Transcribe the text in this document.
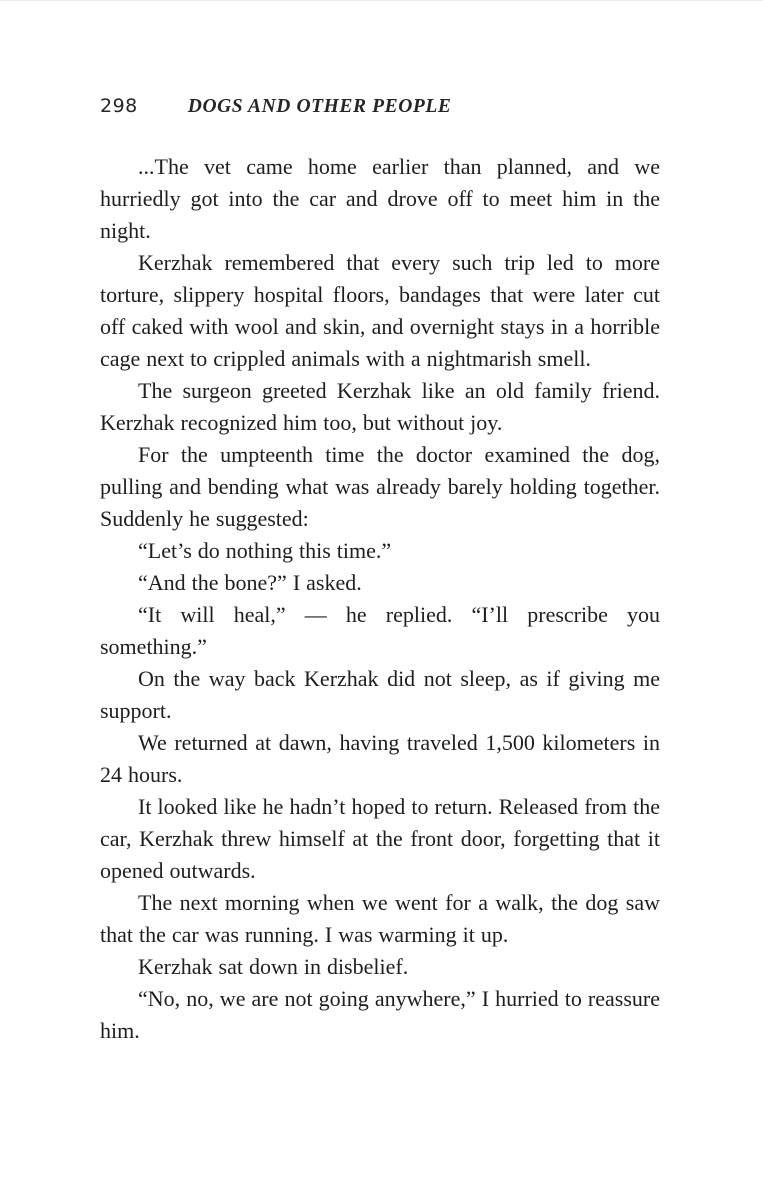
298	DOGS AND OTHER PEOPLE

...The vet came home earlier than planned, and we hurriedly got into the car and drove off to meet him in the night.

Kerzhak remembered that every such trip led to more torture, slippery hospital floors, bandages that were later cut off caked with wool and skin, and overnight stays in a horrible cage next to crippled animals with a nightmarish smell.

The surgeon greeted Kerzhak like an old family friend. Kerzhak recognized him too, but without joy.

For the umpteenth time the doctor examined the dog, pulling and bending what was already barely holding together. Suddenly he suggested:

“Let’s do nothing this time.”

“And the bone?” I asked.

“It will heal,” — he replied. “I’ll prescribe you something.”

On the way back Kerzhak did not sleep, as if giving me support.

We returned at dawn, having traveled 1,500 kilometers in 24 hours.

It looked like he hadn’t hoped to return. Released from the car, Kerzhak threw himself at the front door, forgetting that it opened outwards.

The next morning when we went for a walk, the dog saw that the car was running. I was warming it up.

Kerzhak sat down in disbelief.

“No, no, we are not going anywhere,” I hurried to reassure him.
